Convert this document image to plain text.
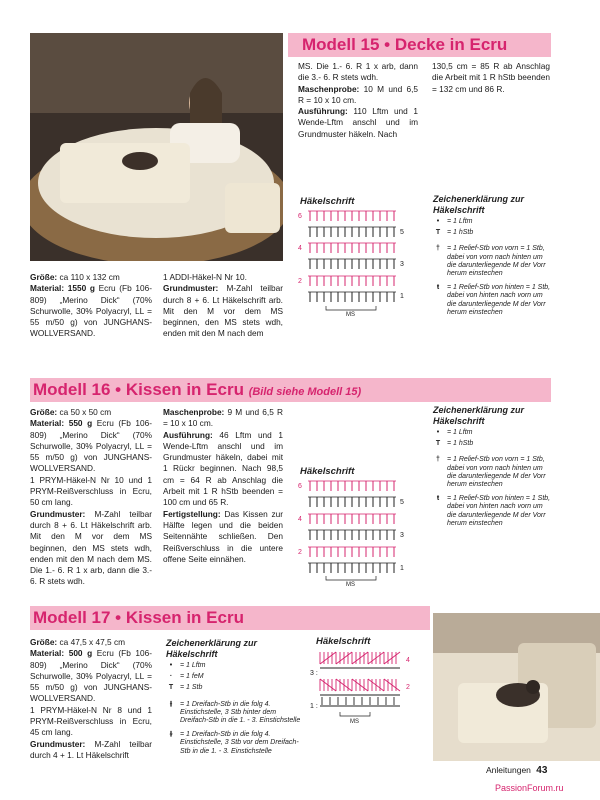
Modell 15 • Decke in Ecru

MS. Die 1.- 6. R 1 x arb, dann die 3.- 6. R stets wdh.

Maschenprobe: 10 M und 6,5 R = 10 x 10 cm.

Ausführung: 110 Lftm und 1 Wende-Lftm anschl und im Grundmuster häkeln. Nach

130,5 cm = 85 R ab Anschlag die Arbeit mit 1 R hStb beenden = 132 cm und 86 R.

Größe: ca 110 x 132 cm

Material: 1550 g Ecru (Fb 106-809) „Merino Dick“ (70% Schurwolle, 30% Polyacryl, LL = 55 m/50 g) von JUNGHANS-WOLLVERSAND.

1 ADDI-Häkel-N Nr 10.

Grundmuster: M-Zahl teilbar durch 8 + 6. Lt Häkelschrift arb. Mit den M vor dem MS beginnen, den MS stets wdh, enden mit den M nach dem

Häkelschrift
6
4
2
5
3
1
MS
Zeichenerklärung zur Häkelschrift
•	= 1 Lftm
T = 1 hStb
†	= 1 Relief-Stb von vorn = 1 Stb, dabei von vorn nach hinten um die darunterliegende M der Vorr herum einstechen
ŧ	= 1 Relief-Stb von hinten = 1 Stb, dabei von hinten nach vorn um die darunterliegende M der Vorr herum einstechen
Modell 16 • Kissen in Ecru (Bild siehe Modell 15)

Größe: ca 50 x 50 cm

Material: 550 g Ecru (Fb 106-809) „Merino Dick“ (70% Schurwolle, 30% Polyacryl, LL = 55 m/50 g) von JUNGHANS-WOLLVERSAND.

1 PRYM-Häkel-N Nr 10 und 1 PRYM-Reißverschluss in Ecru, 50 cm lang.

Grundmuster: M-Zahl teilbar durch 8 + 6. Lt Häkelschrift arb. Mit den M vor dem MS beginnen, den MS stets wdh, enden mit den M nach dem MS. Die 1.- 6. R 1 x arb, dann die 3.- 6. R stets wdh.

Maschenprobe: 9 M und 6,5 R = 10 x 10 cm.

Ausführung: 46 Lftm und 1 Wende-Lftm anschl und im Grundmuster häkeln, dabei mit 1 Rückr beginnen. Nach 98,5 cm = 64 R ab Anschlag die Arbeit mit 1 R hStb beenden = 100 cm und 65 R.

Fertigstellung: Das Kissen zur Hälfte legen und die beiden Seitennähte schließen. Den Reißverschluss in die untere offene Seite einnähen.

Häkelschrift
6
4
2
5
3
1
MS
Zeichenerklärung zur Häkelschrift
•	= 1 Lftm
T = 1 hStb
†	= 1 Relief-Stb von vorn = 1 Stb, dabei von vorn nach hinten um die darunterliegende M der Vorr herum einstechen
ŧ	= 1 Relief-Stb von hinten = 1 Stb, dabei von hinten nach vorn um die darunterliegende M der Vorr herum einstechen
Modell 17 • Kissen in Ecru

Größe: ca 47,5 x 47,5 cm

Material: 500 g Ecru (Fb 106-809) „Merino Dick“ (70% Schurwolle, 30% Polyacryl, LL = 55 m/50 g) von JUNGHANS-WOLLVERSAND.

1 PRYM-Häkel-N Nr 8 und 1 PRYM-Reißverschluss in Ecru, 45 cm lang.

Grundmuster: M-Zahl teilbar durch 4 + 1. Lt Häkelschrift

Zeichenerklärung zur Häkelschrift
•	= 1 Lftm
·	= 1 feM
T = 1 Stb
⫲	= 1 Dreifach-Stb in die folg 4. Einstichstelle, 3 Stb hinter dem Dreifach-Stb in die 1. - 3. Einstichstelle
⫳	= 1 Dreifach-Stb in die folg 4. Einstichstelle, 3 Stb vor dem Dreifach-Stb in die 1. - 3. Einstichstelle
Häkelschrift
4
2
3 :
1 :
MS
Anleitungen 43
PassionForum.ru
